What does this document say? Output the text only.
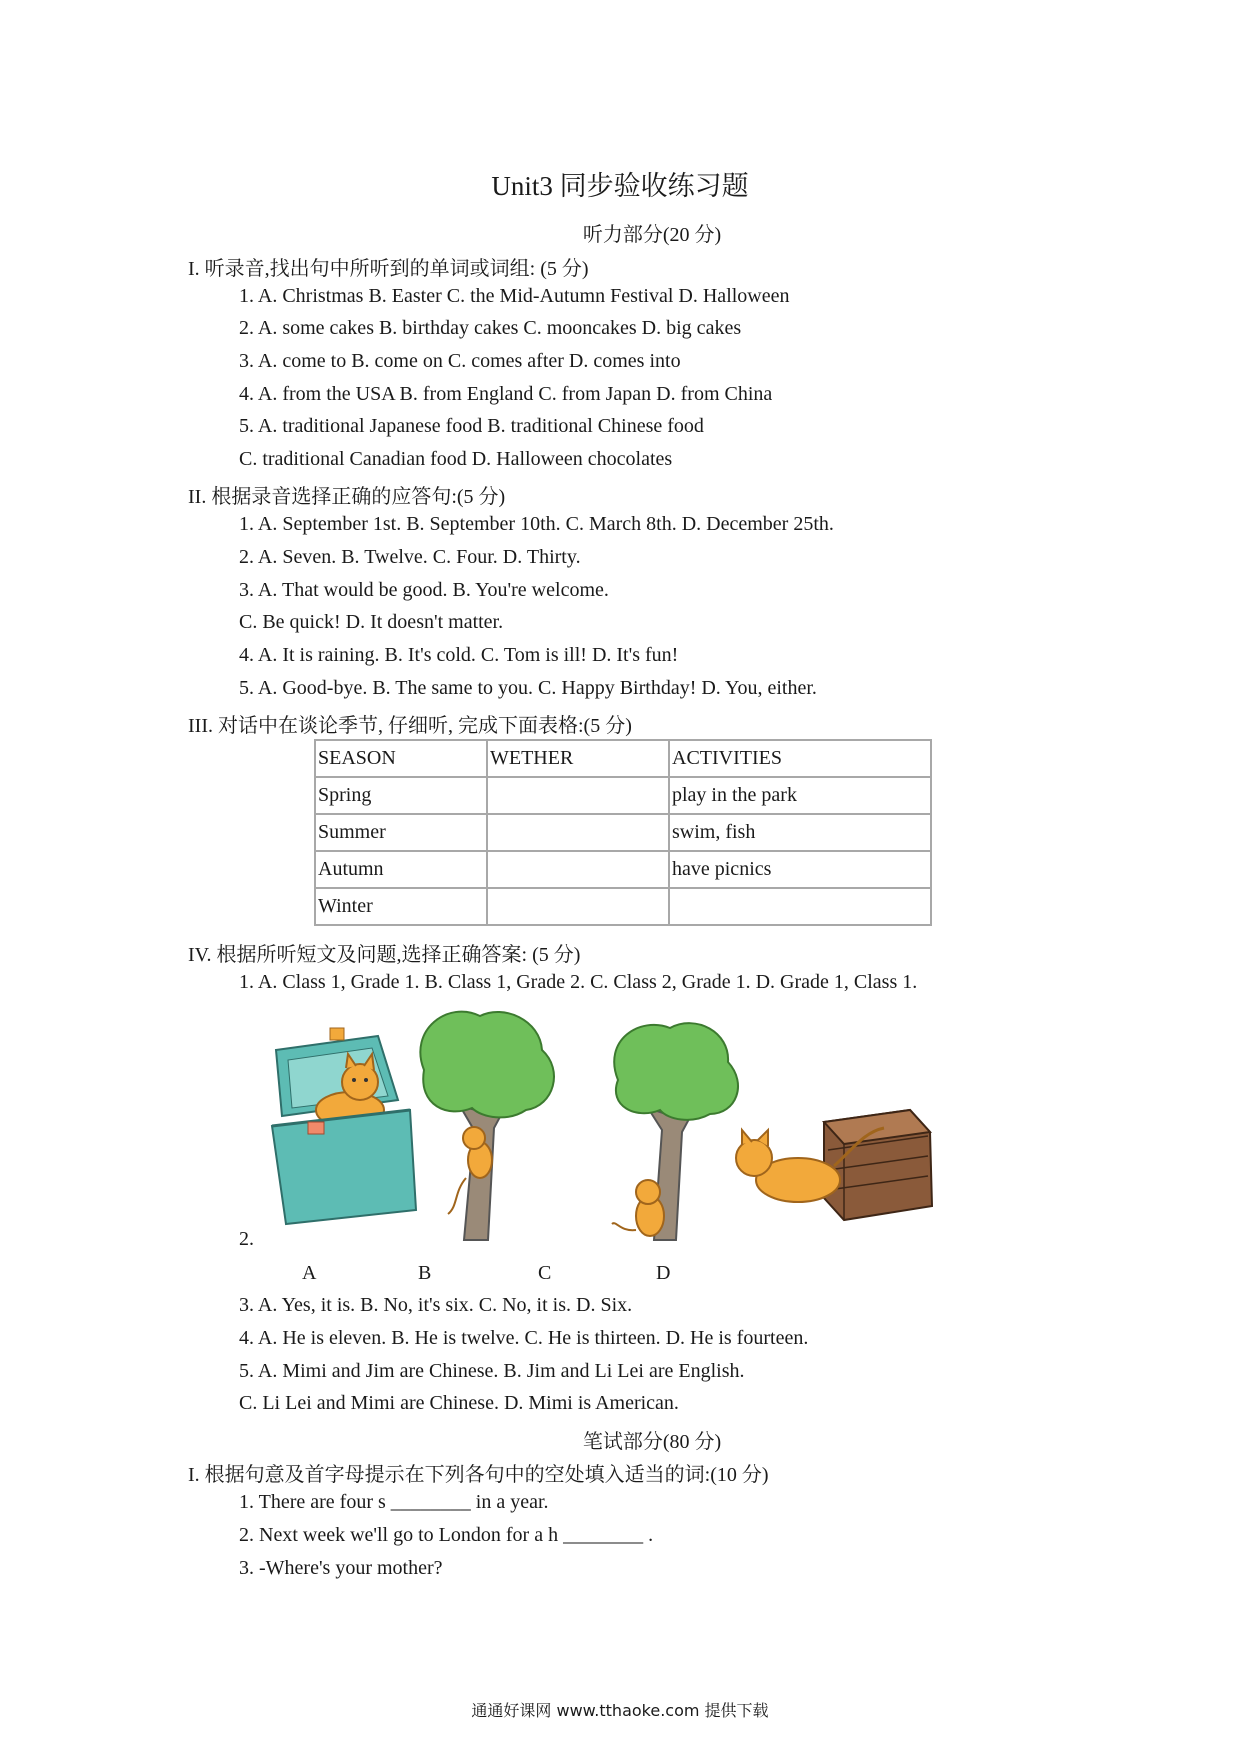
Unit3 同步验收练习题
听力部分(20 分)
I. 听录音,找出句中所听到的单词或词组: (5 分)
1. A. Christmas B. Easter C. the Mid-Autumn Festival D. Halloween
2. A. some cakes B. birthday cakes C. mooncakes D. big cakes
3. A. come to B. come on C. comes after D. comes into
4. A. from the USA B. from England C. from Japan D. from China
5. A. traditional Japanese food B. traditional Chinese food
C. traditional Canadian food D. Halloween chocolates
II. 根据录音选择正确的应答句:(5 分)
1. A. September 1st. B. September 10th. C. March 8th. D. December 25th.
2. A. Seven. B. Twelve. C. Four. D. Thirty.
3. A. That would be good. B. You're welcome.
C. Be quick! D. It doesn't matter.
4. A. It is raining. B. It's cold. C. Tom is ill! D. It's fun!
5. A. Good-bye. B. The same to you. C. Happy Birthday! D. You, either.
III. 对话中在谈论季节, 仔细听, 完成下面表格:(5 分)
SEASON	WETHER	ACTIVITIES
Spring		play in the park
Summer		swim, fish
Autumn		have picnics
Winter		
IV. 根据所听短文及问题,选择正确答案: (5 分)
1. A. Class 1, Grade 1. B. Class 1, Grade 2. C. Class 2, Grade 1. D. Grade 1, Class 1.
2.
A	B	C	D
3. A. Yes, it is. B. No, it's six. C. No, it is. D. Six.
4. A. He is eleven. B. He is twelve. C. He is thirteen. D. He is fourteen.
5. A. Mimi and Jim are Chinese. B. Jim and Li Lei are English.
C. Li Lei and Mimi are Chinese. D. Mimi is American.
笔试部分(80 分)
I. 根据句意及首字母提示在下列各句中的空处填入适当的词:(10 分)
1. There are four s ________ in a year.
2. Next week we'll go to London for a h ________ .
3. -Where's your mother?
通通好课网 www.tthaoke.com 提供下载
